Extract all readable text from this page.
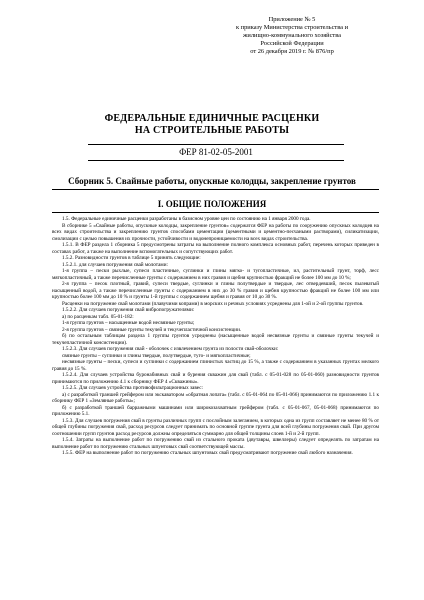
Приложение № 5
к приказу Министерства строительства и
жилищно-коммунального хозяйства
Российской Федерации
от 26 декабря 2019 г. № 876/пр
ФЕДЕРАЛЬНЫЕ ЕДИНИЧНЫЕ РАСЦЕНКИ
НА СТРОИТЕЛЬНЫЕ РАБОТЫ
ФЕР 81-02-05-2001
Сборник 5. Свайные работы, опускные колодцы, закрепление грунтов
I. ОБЩИЕ ПОЛОЖЕНИЯ

1.5. Федеральные единичные расценки разработаны в базисном уровне цен по состоянию на 1 января 2000 года.

В сборнике 5 «Свайные работы, опускные колодцы, закрепление грунтов» содержатся ФЕР на работы по сооружению опускных колодцев на всех видах строительства и закреплению грунтов способами цементации (цементными и цементно-песчаными растворами), силикатизации, смолизации с целью повышения их прочности, устойчивости и водонепроницаемости на всех видах строительства.

1.5.1. В ФЕР раздела 1 сборника 5 предусмотрены затраты на выполнение полного комплекса основных работ, перечень которых приведен в составах работ, а также на выполнение вспомогательных и сопутствующих работ.

1.5.2. Разновидности грунтов в таблице 5 принять следующие:

1.5.2.1. для случаев погружения свай молотами:

1-я группа – пески рыхлые, супеси пластичные, суглинки и глины мягко- и тугопластичные, ил, растительный грунт, торф, лесс мягкопластичный, а также перечисленные грунты с содержанием в них гравия и щебня крупностью фракций не более 100 мм до 10 %;

2-я группа – песок плотный, гравий, супеси твердые, суглинки и глины полутвердые и твердые, лес отвердевший, песок пылеватый насыщенный водой, а также перечисленные грунты с содержанием в них до 30 % гравия и щебня крупностью фракций не более 100 мм или крупностью более 100 мм до 10 % и грунты 1-й группы с содержанием щебня и гравия от 10 до 30 %.

Расценки на погружение свай молотами (плавучими копрами) в морских и речных условиях усреднены для 1-ой и 2-ой группы грунтов.

1.5.2.2. Для случаев погружения свай вибропогружателями:

а) по расценкам табл. 05-01-182:

1-я группа грунтов – насыщенные водой несвязные грунты;

2-я группа грунтов – связные грунты текучей и текучепластичной консистенции.

б) по остальным таблицам раздела 1 группы грунтов усреднены (насыщенные водой несвязные грунты и связные грунты текучей и текучепластичной консистенции).

1.5.2.3. Для случаев погружения свай - оболочек с извлечением грунта из полости свай-оболочки:

связные грунты – суглинки и глины твердые, полутвердые, туго- и мягкопластичные;

несвязные грунты – пески, супеси и суглинки с содержанием глинистых частиц до 15 %, а также с содержанием в указанных грунтах мелкого гравия до 15 %.

1.5.2.4. Для случаев устройства буронабивных свай и бурения скважин для свай (табл. с 05-01-028 по 05-01-060) разновидности грунтов принимаются по приложению 4.1 к сборнику ФЕР 4 «Скважины».

1.5.2.5. Для случаев устройства противофильтрационных завес:

а) с разработкой траншей грейфером или экскаватором «обратная лопата» (табл. с 05-01-064 по 05-01-066) принимаются по приложению 1.1 к сборнику ФЕР 1 «Земляные работы»;

б) с разработкой траншей барражными машинами или широкозахватным грейфером (табл. с 05-01-067, 05-01-068) принимаются по приложению 5.1.

1.5.3. Для случаев погружения свай в грунты различных групп с послойным залеганием, в которых одна из групп составляет не менее 80 % от общей глубины погружения свай, расход ресурсов следует принимать по основной группе грунта для всей глубины погружения свай. При другом соотношении групп грунтов расход ресурсов должны определяться суммарно для общей толщины слоев 1-й и 2-й групп.

1.5.4. Затраты на выполнение работ по погружению свай из стального проката (двутавры, швеллеры) следует определять по затратам на выполнение работ по погружению стальных шпунтовых свай соответствующей массы.

1.5.5. ФЕР на выполнение работ по погружению стальных шпунтовых свай предусматривают погружение свай любого назначения.
